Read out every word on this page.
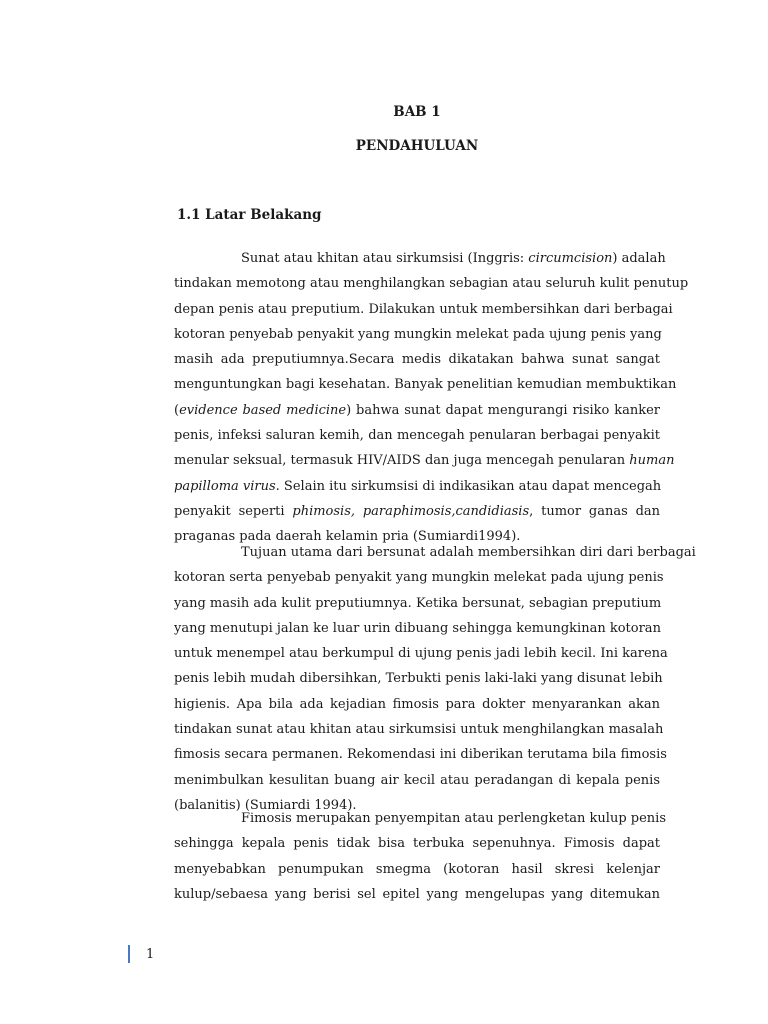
BAB 1
PENDAHULUAN
1.1 Latar Belakang
Sunat atau khitan atau sirkumsisi (Inggris: circumcision) adalah
tindakan memotong atau menghilangkan sebagian atau seluruh kulit penutup
depan penis atau preputium. Dilakukan untuk membersihkan dari berbagai
kotoran penyebab penyakit yang mungkin melekat pada ujung penis yang
masih ada preputiumnya.Secara medis dikatakan bahwa sunat sangat
menguntungkan bagi kesehatan. Banyak penelitian kemudian membuktikan
(evidence based medicine) bahwa sunat dapat mengurangi risiko kanker
penis, infeksi saluran kemih, dan mencegah penularan berbagai penyakit
menular seksual, termasuk HIV/AIDS dan juga mencegah penularan human
papilloma virus. Selain itu sirkumsisi di indikasikan atau dapat mencegah
penyakit seperti phimosis, paraphimosis,candidiasis, tumor ganas dan
praganas pada daerah kelamin pria (Sumiardi1994).
Tujuan utama dari bersunat adalah membersihkan diri dari berbagai
kotoran serta penyebab penyakit yang mungkin melekat pada ujung penis
yang masih ada kulit preputiumnya. Ketika bersunat, sebagian preputium
yang menutupi jalan ke luar urin dibuang sehingga kemungkinan kotoran
untuk menempel atau berkumpul di ujung penis jadi lebih kecil. Ini karena
penis lebih mudah dibersihkan, Terbukti penis laki-laki yang disunat lebih
higienis. Apa bila ada kejadian fimosis para dokter menyarankan akan
tindakan sunat atau khitan atau sirkumsisi untuk menghilangkan masalah
fimosis secara permanen. Rekomendasi ini diberikan terutama bila fimosis
menimbulkan kesulitan buang air kecil atau peradangan di kepala penis
(balanitis) (Sumiardi 1994).
Fimosis merupakan penyempitan atau perlengketan kulup penis
sehingga kepala penis tidak bisa terbuka sepenuhnya. Fimosis dapat
menyebabkan penumpukan smegma (kotoran hasil skresi kelenjar
kulup/sebaesa yang berisi sel epitel yang mengelupas yang ditemukan
1
